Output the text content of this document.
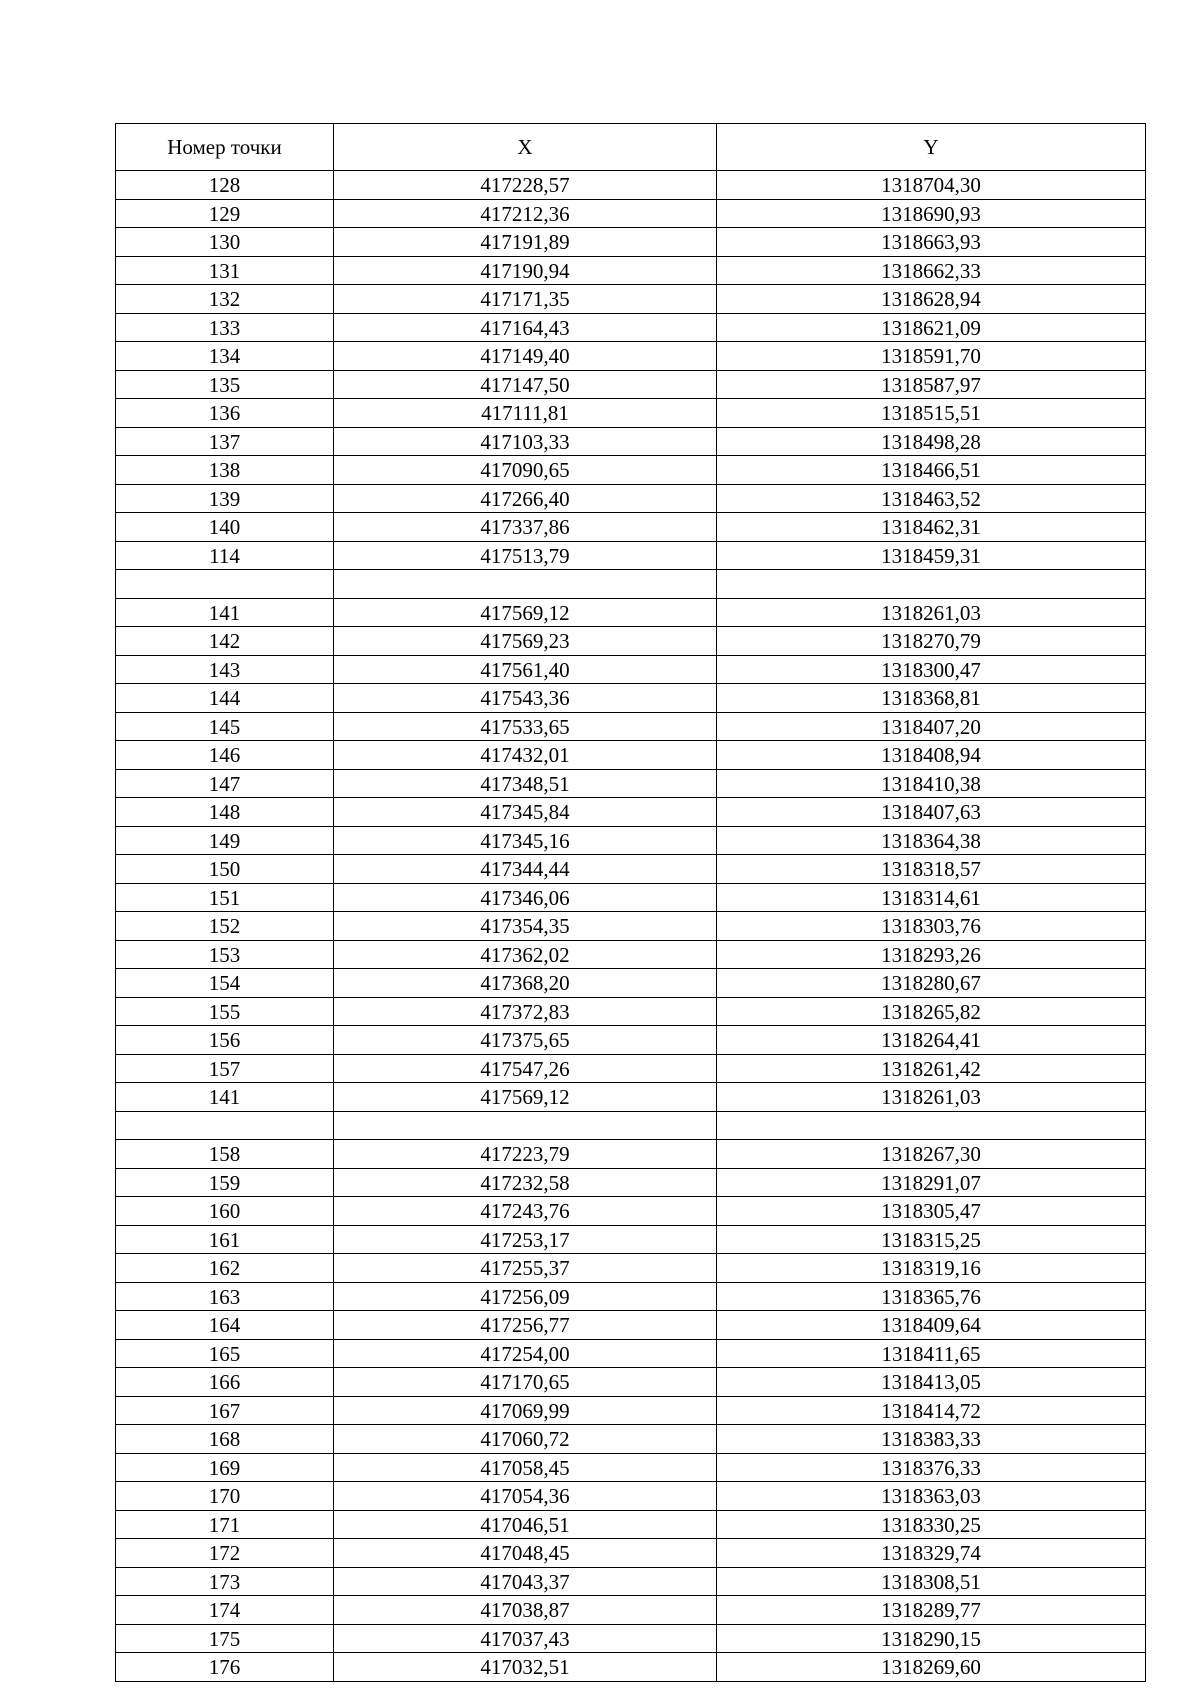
Номер точки	X	Y
128	417228,57	1318704,30
129	417212,36	1318690,93
130	417191,89	1318663,93
131	417190,94	1318662,33
132	417171,35	1318628,94
133	417164,43	1318621,09
134	417149,40	1318591,70
135	417147,50	1318587,97
136	417111,81	1318515,51
137	417103,33	1318498,28
138	417090,65	1318466,51
139	417266,40	1318463,52
140	417337,86	1318462,31
114	417513,79	1318459,31

141	417569,12	1318261,03
142	417569,23	1318270,79
143	417561,40	1318300,47
144	417543,36	1318368,81
145	417533,65	1318407,20
146	417432,01	1318408,94
147	417348,51	1318410,38
148	417345,84	1318407,63
149	417345,16	1318364,38
150	417344,44	1318318,57
151	417346,06	1318314,61
152	417354,35	1318303,76
153	417362,02	1318293,26
154	417368,20	1318280,67
155	417372,83	1318265,82
156	417375,65	1318264,41
157	417547,26	1318261,42
141	417569,12	1318261,03

158	417223,79	1318267,30
159	417232,58	1318291,07
160	417243,76	1318305,47
161	417253,17	1318315,25
162	417255,37	1318319,16
163	417256,09	1318365,76
164	417256,77	1318409,64
165	417254,00	1318411,65
166	417170,65	1318413,05
167	417069,99	1318414,72
168	417060,72	1318383,33
169	417058,45	1318376,33
170	417054,36	1318363,03
171	417046,51	1318330,25
172	417048,45	1318329,74
173	417043,37	1318308,51
174	417038,87	1318289,77
175	417037,43	1318290,15
176	417032,51	1318269,60
